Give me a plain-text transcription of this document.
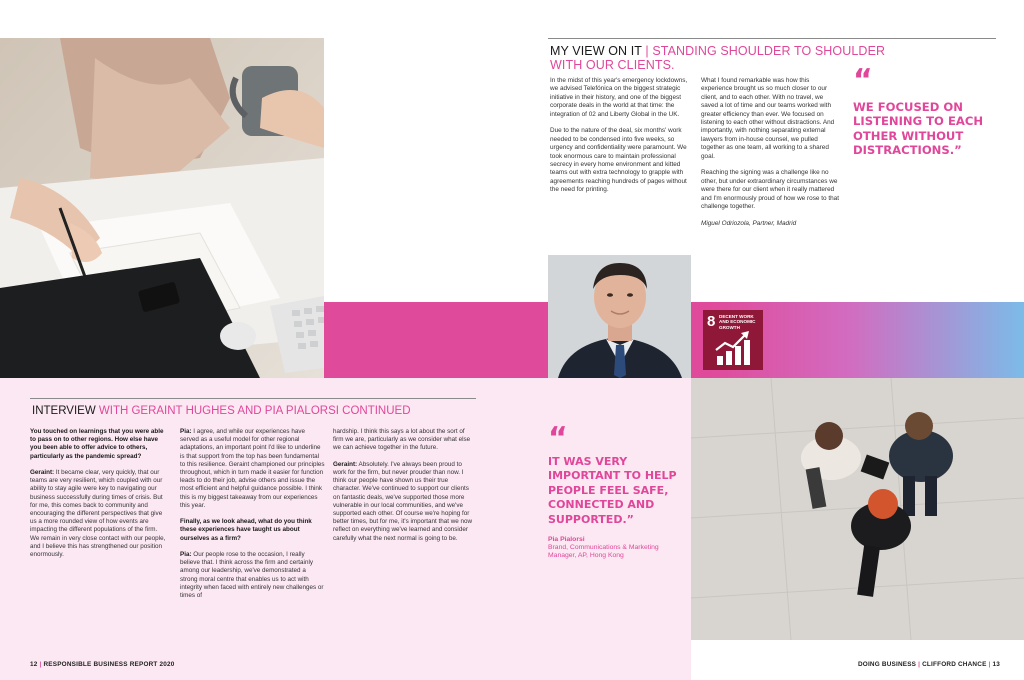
8 DECENT WORK AND ECONOMIC GROWTH
MY VIEW ON IT | STANDING SHOULDER TO SHOULDER WITH OUR CLIENTS.

In the midst of this year's emergency lockdowns, we advised Telefónica on the biggest strategic initiative in their history, and one of the biggest corporate deals in the world at that time: the integration of 02 and Liberty Global in the UK.

Due to the nature of the deal, six months' work needed to be condensed into five weeks, so urgency and confidentiality were paramount. We took enormous care to maintain professional secrecy in every home environment and kitted teams out with extra technology to grapple with agreements reaching hundreds of pages without the need for printing.

What I found remarkable was how this experience brought us so much closer to our client, and to each other. With no travel, we saved a lot of time and our teams worked with greater efficiency than ever. We focused on listening to each other without distractions. And importantly, with nothing separating external lawyers from in-house counsel, we pulled together as one team, all working to a shared goal.

Reaching the signing was a challenge like no other, but under extraordinary circumstances we were there for our client when it really mattered and I'm enormously proud of how we rose to that challenge together.

Miguel Odriozola, Partner, Madrid

“
WE FOCUSED ON LISTENING TO EACH OTHER WITHOUT DISTRACTIONS.”
INTERVIEW WITH GERAINT HUGHES AND PIA PIALORSI CONTINUED

You touched on learnings that you were able to pass on to other regions. How else have you been able to offer advice to others, particularly as the pandemic spread?

Geraint: It became clear, very quickly, that our teams are very resilient, which coupled with our ability to stay agile were key to navigating our business successfully during times of crisis. But for me, this comes back to community and encouraging the different perspectives that give us a more rounded view of how events are impacting the different populations of the firm. We remain in very close contact with our people, and I believe this has strengthened our position enormously.

Pia: I agree, and while our experiences have served as a useful model for other regional adaptations, an important point I'd like to underline is that support from the top has been fundamental to this resilience. Geraint championed our principles throughout, which in turn made it easier for function leads to do their job, advise others and issue the most efficient and helpful guidance possible. I think this is my biggest takeaway from our experiences this year.

Finally, as we look ahead, what do you think these experiences have taught us about ourselves as a firm?

Pia: Our people rose to the occasion, I really believe that. I think across the firm and certainly among our leadership, we've demonstrated a strong moral centre that enables us to act with integrity when faced with entirely new challenges or times of

hardship. I think this says a lot about the sort of firm we are, particularly as we consider what else we can achieve together in the future.

Geraint: Absolutely. I've always been proud to work for the firm, but never prouder than now. I think our people have shown us their true character. We've continued to support our clients on fantastic deals, we've supported those more vulnerable in our local communities, and we've supported each other. Of course we're hoping for better times, but for me, it's important that we now reflect on everything we've learned and consider carefully what the next normal is going to be.

“
IT WAS VERY IMPORTANT TO HELP PEOPLE FEEL SAFE, CONNECTED AND SUPPORTED.”
Pia Pialorsi
Brand, Communications & Marketing Manager, AP, Hong Kong
12 | RESPONSIBLE BUSINESS REPORT 2020	DOING BUSINESS | CLIFFORD CHANCE | 13
